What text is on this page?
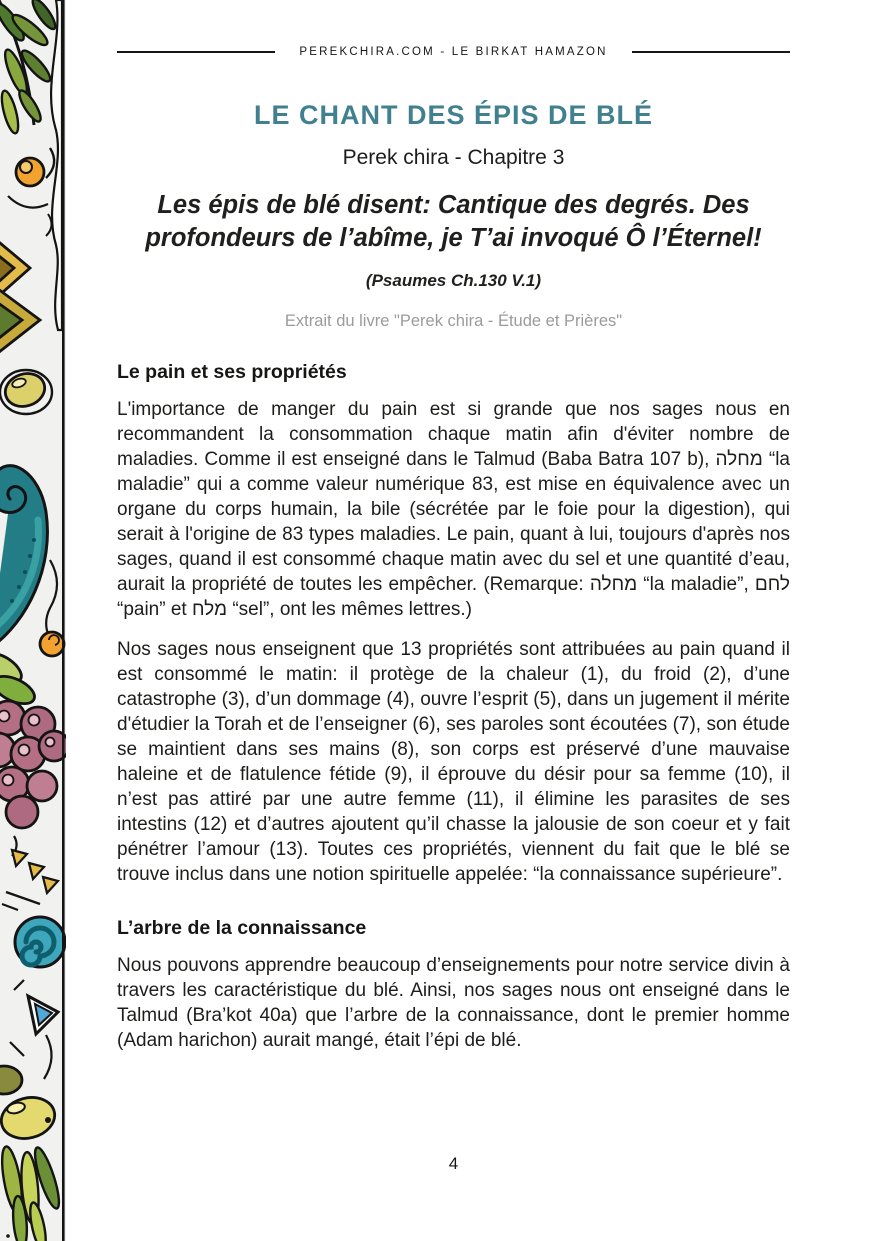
PEREKCHIRA.COM - LE BIRKAT HAMAZON
LE CHANT DES ÉPIS DE BLÉ
Perek chira - Chapitre 3
Les épis de blé disent: Cantique des degrés. Des profondeurs de l’abîme, je T’ai invoqué Ô l’Éternel!
(Psaumes Ch.130 V.1)
Extrait du livre "Perek chira - Étude et Prières"
Le pain et ses propriétés

L'importance de manger du pain est si grande que nos sages nous en recommandent la consommation chaque matin afin d'éviter nombre de maladies. Comme il est enseigné dans le Talmud (Baba Batra 107 b), מחלה “la maladie” qui a comme valeur numérique 83, est mise en équivalence avec un organe du corps humain, la bile (sécrétée par le foie pour la digestion), qui serait à l'origine de 83 types maladies. Le pain, quant à lui, toujours d'après nos sages, quand il est consommé chaque matin avec du sel et une quantité d’eau, aurait la propriété de toutes les empêcher. (Remarque: מחלה “la maladie”, לחם “pain” et מלח “sel”, ont les mêmes lettres.)

Nos sages nous enseignent que 13 propriétés sont attribuées au pain quand il est consommé le matin: il protège de la chaleur (1), du froid (2), d’une catastrophe (3), d’un dommage (4), ouvre l’esprit (5), dans un jugement il mérite d'étudier la Torah et de l’enseigner (6), ses paroles sont écoutées (7), son étude se maintient dans ses mains (8), son corps est préservé d’une mauvaise haleine et de flatulence fétide (9), il éprouve du désir pour sa femme (10), il n’est pas attiré par une autre femme (11), il élimine les parasites de ses intestins (12) et d’autres ajoutent qu’il chasse la jalousie de son coeur et y fait pénétrer l’amour (13). Toutes ces propriétés, viennent du fait que le blé se trouve inclus dans une notion spirituelle appelée: “la connaissance supérieure”.

L’arbre de la connaissance

Nous pouvons apprendre beaucoup d’enseignements pour notre service divin à travers les caractéristique du blé. Ainsi, nos sages nous ont enseigné dans le Talmud (Bra’kot 40a) que l’arbre de la connaissance, dont le premier homme (Adam harichon) aurait mangé, était l’épi de blé.

4
